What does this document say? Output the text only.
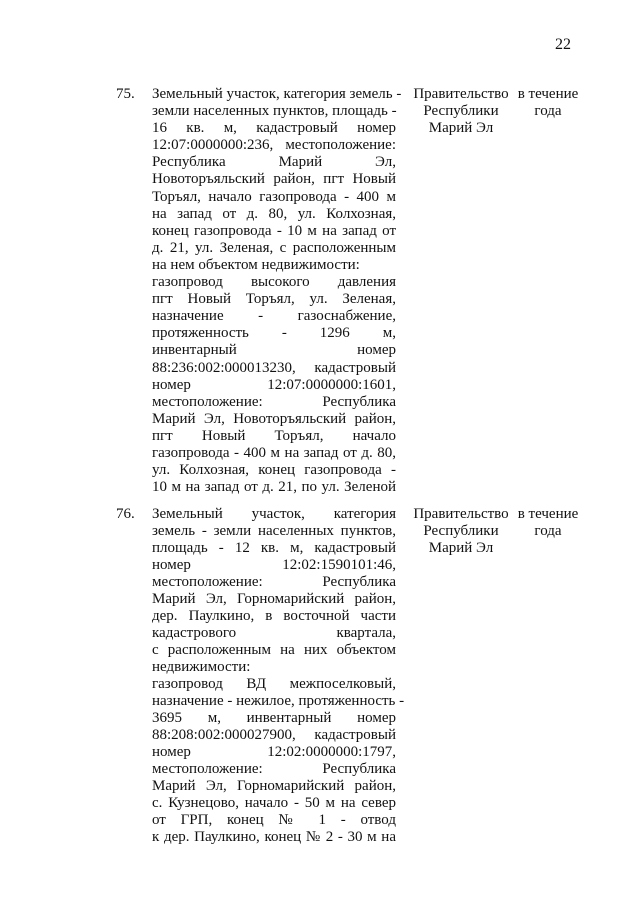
22
75.	Земельный участок, категория земель -
земли населенных пунктов, площадь -
16 кв. м, кадастровый номер
12:07:0000000:236, местоположение:
Республика Марий Эл,
Новоторъяльский район, пгт Новый
Торъял, начало газопровода - 400 м
на запад от д. 80, ул. Колхозная,
конец газопровода - 10 м на запад от
д. 21, ул. Зеленая, с расположенным
на нем объектом недвижимости:
газопровод высокого давления
пгт Новый Торъял, ул. Зеленая,
назначение - газоснабжение,
протяженность - 1296 м,
инвентарный номер
88:236:002:000013230, кадастровый
номер 12:07:0000000:1601,
местоположение: Республика
Марий Эл, Новоторъяльский район,
пгт Новый Торъял, начало
газопровода - 400 м на запад от д. 80,
ул. Колхозная, конец газопровода -
10 м на запад от д. 21, по ул. Зеленой
Правительство
Республики
Марий Эл
в течение
года
76.	Земельный участок, категория
земель - земли населенных пунктов,
площадь - 12 кв. м, кадастровый
номер 12:02:1590101:46,
местоположение: Республика
Марий Эл, Горномарийский район,
дер. Паулкино, в восточной части
кадастрового квартала,
с расположенным на них объектом
недвижимости:
газопровод ВД межпоселковый,
назначение - нежилое, протяженность -
3695 м, инвентарный номер
88:208:002:000027900, кадастровый
номер 12:02:0000000:1797,
местоположение: Республика
Марий Эл, Горномарийский район,
с. Кузнецово, начало - 50 м на север
от ГРП, конец № 1 - отвод
к дер. Паулкино, конец № 2 - 30 м на
Правительство
Республики
Марий Эл
в течение
года
